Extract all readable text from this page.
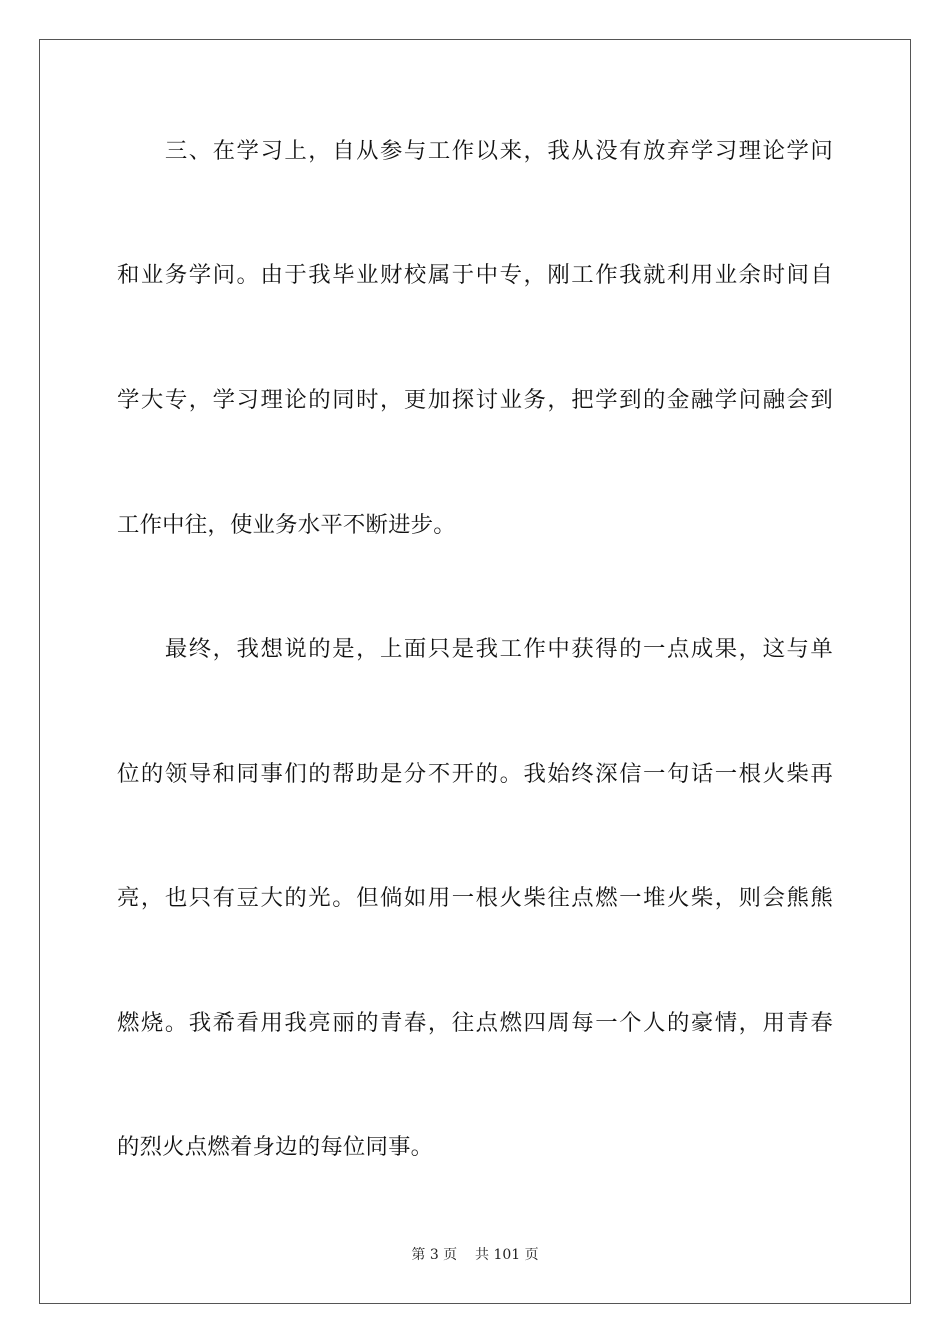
　　三、在学习上，自从参与工作以来，我从没有放弃学习理论学问
和业务学问。由于我毕业财校属于中专，刚工作我就利用业余时间自
学大专，学习理论的同时，更加探讨业务，把学到的金融学问融会到
工作中往，使业务水平不断进步。
　　最终，我想说的是，上面只是我工作中获得的一点成果，这与单
位的领导和同事们的帮助是分不开的。我始终深信一句话一根火柴再
亮，也只有豆大的光。但倘如用一根火柴往点燃一堆火柴，则会熊熊
燃烧。我希看用我亮丽的青春，往点燃四周每一个人的豪情，用青春
的烈火点燃着身边的每位同事。
第 3 页 共 101 页
